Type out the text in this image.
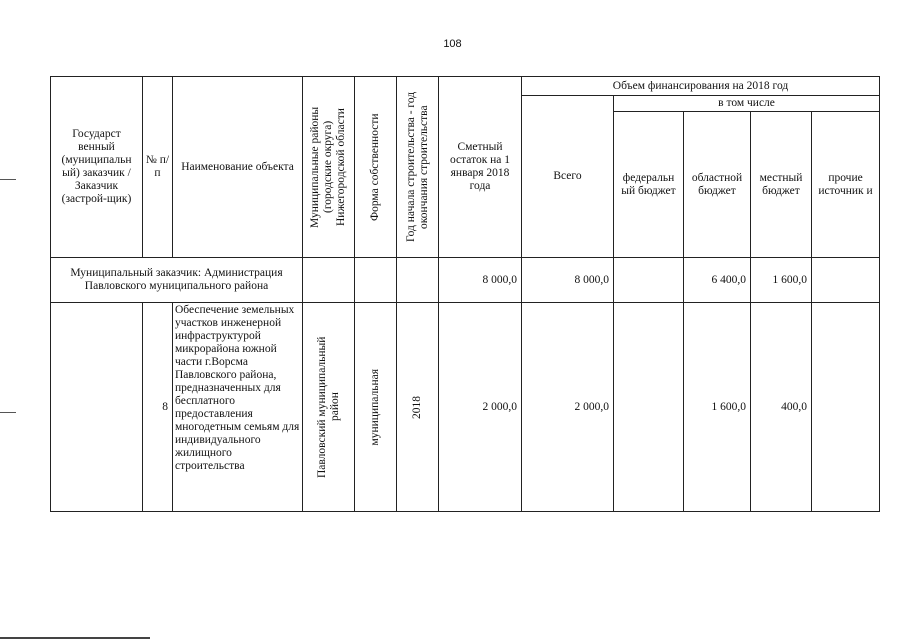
108
Государст венный (муниципальн ый) заказчик / Заказчик (застрой-щик)	№ п/п	Наименование объекта	Муниципальные районы (городские округа) Нижегородской области	Форма собственности	Год начала строительства - год окончания строительства	Сметный остаток на 1 января 2018 года	Объем финансирования на 2018 год				
							Всего	в том числе			
								федеральн ый бюджет	областной бюджет	местный бюджет	прочие источник и
Муниципальный заказчик: Администрация Павловского муниципального района						8 000,0	8 000,0		6 400,0	1 600,0	
	8	Обеспечение земельных участков инженерной инфраструктурой микрорайона южной части г.Ворсма Павловского района, предназначенных для бесплатного предоставления многодетным семьям для индивидуального жилищного строительства	Павловский муниципальный район	муниципальная	2018	2 000,0	2 000,0		1 600,0	400,0	
